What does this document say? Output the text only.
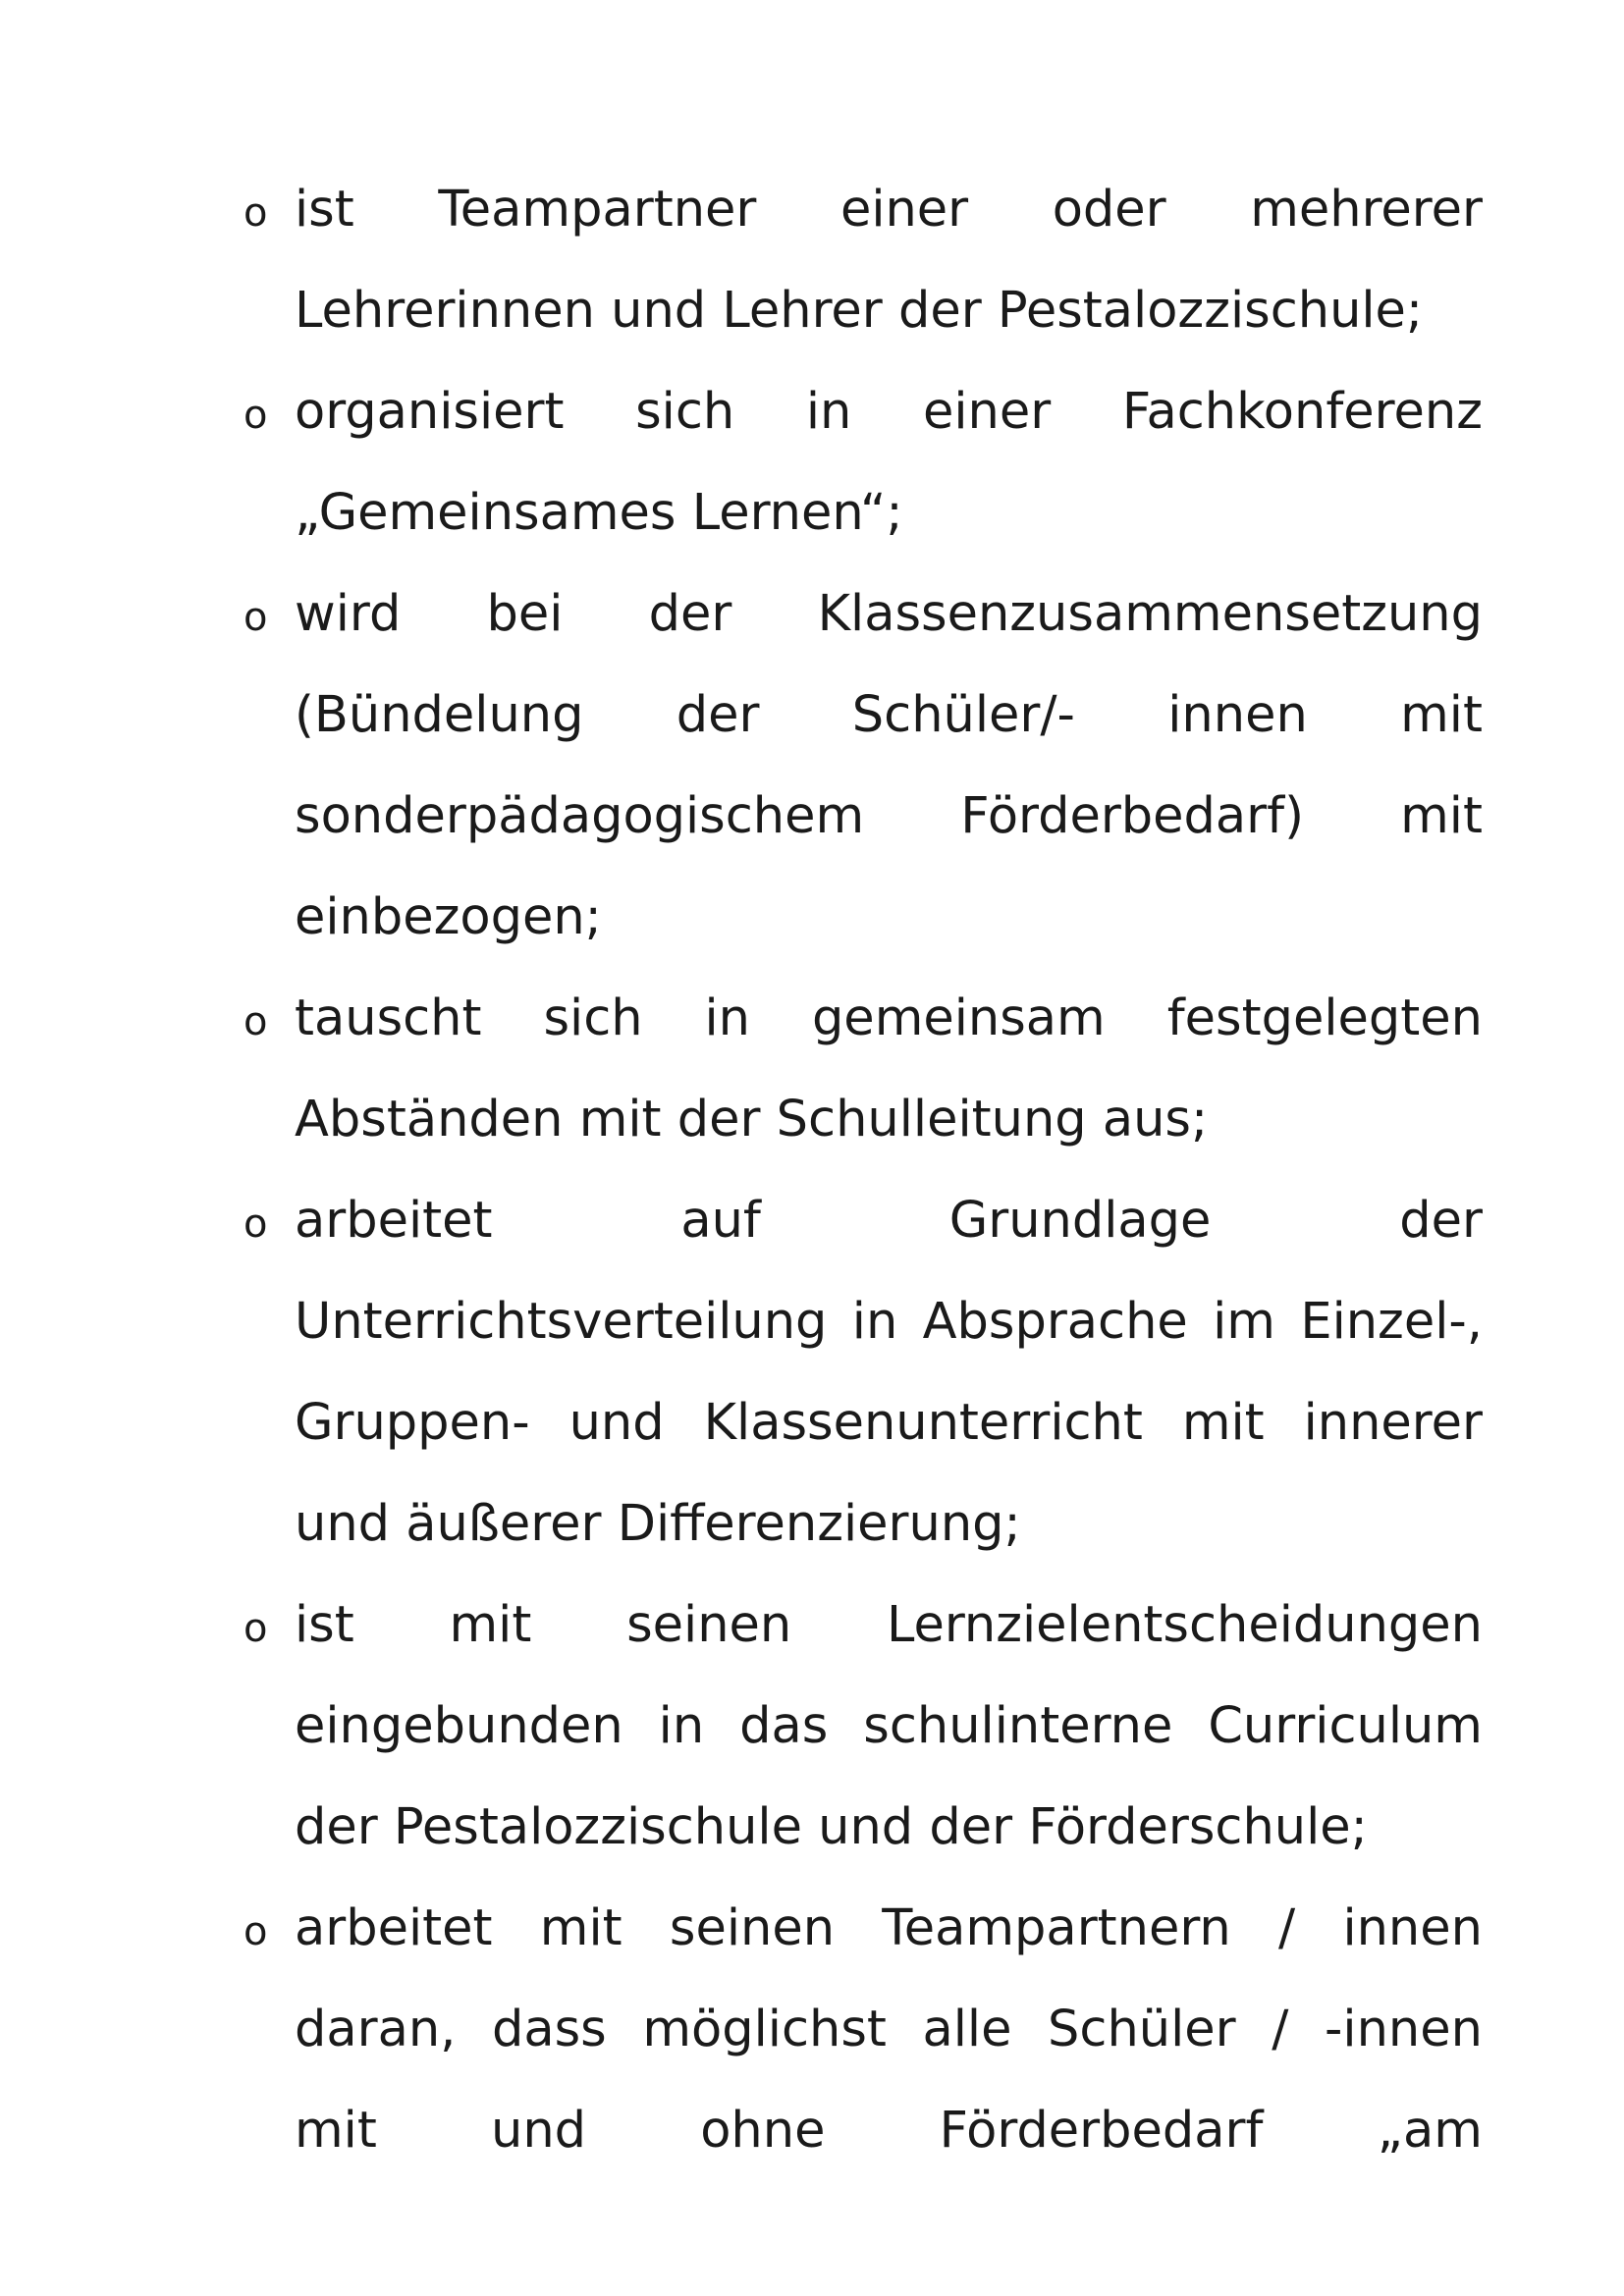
o ist Teampartner einer oder mehrerer
Lehrerinnen und Lehrer der Pestalozzischule;
o organisiert sich in einer Fachkonferenz
„Gemeinsames Lernen“;
o wird bei der Klassenzusammensetzung
(Bündelung der Schüler/- innen mit
sonderpädagogischem Förderbedarf) mit
einbezogen;
o tauscht sich in gemeinsam festgelegten
Abständen mit der Schulleitung aus;
o arbeitet	auf	Grundlage	der
Unterrichtsverteilung in Absprache im Einzel-,
Gruppen- und Klassenunterricht mit innerer
und äußerer Differenzierung;
o ist mit seinen Lernzielentscheidungen
eingebunden in das schulinterne Curriculum
der Pestalozzischule und der Förderschule;
o arbeitet mit seinen Teampartnern / innen
daran, dass möglichst alle Schüler / -innen
mit und ohne Förderbedarf „am
